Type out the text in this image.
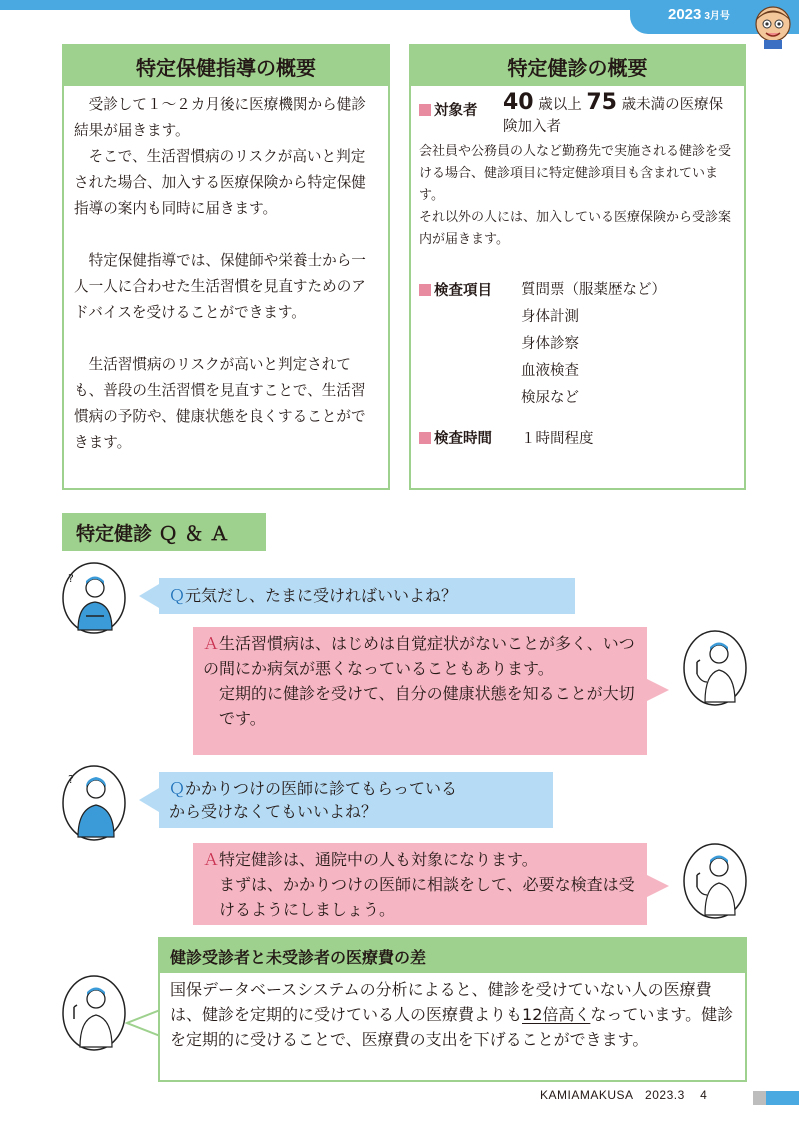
2023 3月号
特定保健指導の概要

受診して１～２カ月後に医療機関から健診結果が届きます。

そこで、生活習慣病のリスクが高いと判定された場合、加入する医療保険から特定保健指導の案内も同時に届きます。

特定保健指導では、保健師や栄養士から一人一人に合わせた生活習慣を見直すためのアドバイスを受けることができます。

生活習慣病のリスクが高いと判定されても、普段の生活習慣を見直すことで、生活習慣病の予防や、健康状態を良くすることができます。

特定健診の概要
対象者	40 歳以上 75 歳未満の医療保険加入者

会社員や公務員の人など勤務先で実施される健診を受ける場合、健診項目に特定健診項目も含まれています。

それ以外の人には、加入している医療保険から受診案内が届きます。

検査項目	質問票（服薬歴など）
身体計測
身体診察
血液検査
検尿など
検査時間	１時間程度
特定健診 Ｑ ＆ Ａ
?
Ｑ元気だし、たまに受ければいいよね？

Ａ生活習慣病は、はじめは自覚症状がないことが多く、いつの間にか病気が悪くなっていることもあります。

定期的に健診を受けて、自分の健康状態を知ることが大切です。

?	Ｑかかりつけの医師に診てもらっている

から受けなくてもいいよね？

Ａ特定健診は、通院中の人も対象になります。

まずは、かかりつけの医師に相談をして、必要な検査は受けるようにしましょう。

健診受診者と未受診者の医療費の差
国保データベースシステムの分析によると、健診を受けていない人の医療費は、健診を定期的に受けている人の医療費よりも12倍高くなっています。健診を定期的に受けることで、医療費の支出を下げることができます。
KAMIAMAKUSA 2023.3 4
